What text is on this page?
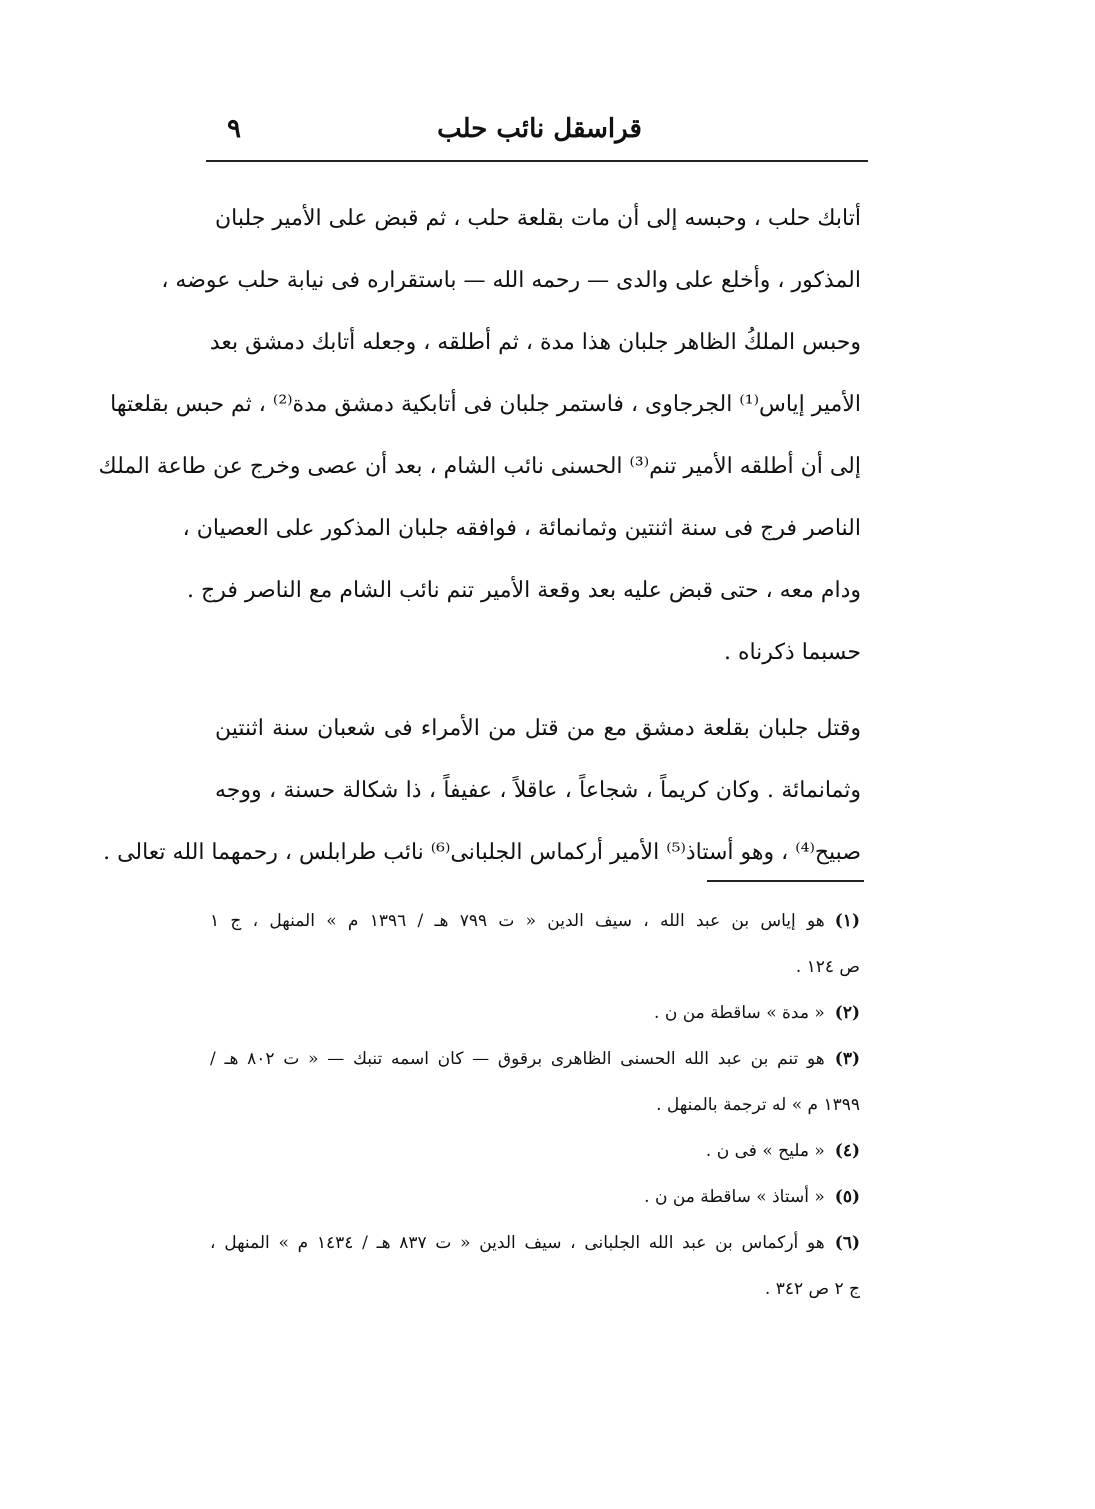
قراسقل نائب حلب
٩

أتابك حلب ، وحبسه إلى أن مات بقلعة حلب ، ثم قبض على الأمير جلبان
المذكور ، وأخلع على والدى — رحمه الله — باستقراره فى نيابة حلب عوضه ،
وحبس الملكُ الظاهر جلبان هذا مدة ، ثم أطلقه ، وجعله أتابك دمشق بعد
الأمير إياس⁽¹⁾ الجرجاوى ، فاستمر جلبان فى أتابكية دمشق مدة⁽²⁾ ، ثم حبس بقلعتها
إلى أن أطلقه الأمير تنم⁽³⁾ الحسنى نائب الشام ، بعد أن عصى وخرج عن طاعة الملك
الناصر فرج فى سنة اثنتين وثمانمائة ، فوافقه جلبان المذكور على العصيان ،
ودام معه ، حتى قبض عليه بعد وقعة الأمير تنم نائب الشام مع الناصر فرج .
حسبما ذكرناه .

وقتل جلبان بقلعة دمشق مع من قتل من الأمراء فى شعبان سنة اثنتين
وثمانمائة . وكان كريماً ، شجاعاً ، عاقلاً ، عفيفاً ، ذا شكالة حسنة ، ووجه
صبيح⁽⁴⁾ ، وهو أستاذ⁽⁵⁾ الأمير أركماس الجلبانى⁽⁶⁾ نائب طرابلس ، رحمهما الله تعالى .

(١)هو إياس بن عبد الله ، سيف الدين « ت ٧٩٩ هـ / ١٣٩٦ م » المنهل ، ج ١
ص ١٢٤ .
(٢)« مدة » ساقطة من ن .
(٣)هو تنم بن عبد الله الحسنى الظاهرى برقوق — كان اسمه تنبك — « ت ٨٠٢ هـ /
١٣٩٩ م » له ترجمة بالمنهل .
(٤)« مليح » فى ن .
(٥)« أستاذ » ساقطة من ن .
(٦)هو أركماس بن عبد الله الجلبانى ، سيف الدين « ت ٨٣٧ هـ / ١٤٣٤ م » المنهل ،
ج ٢ ص ٣٤٢ .
